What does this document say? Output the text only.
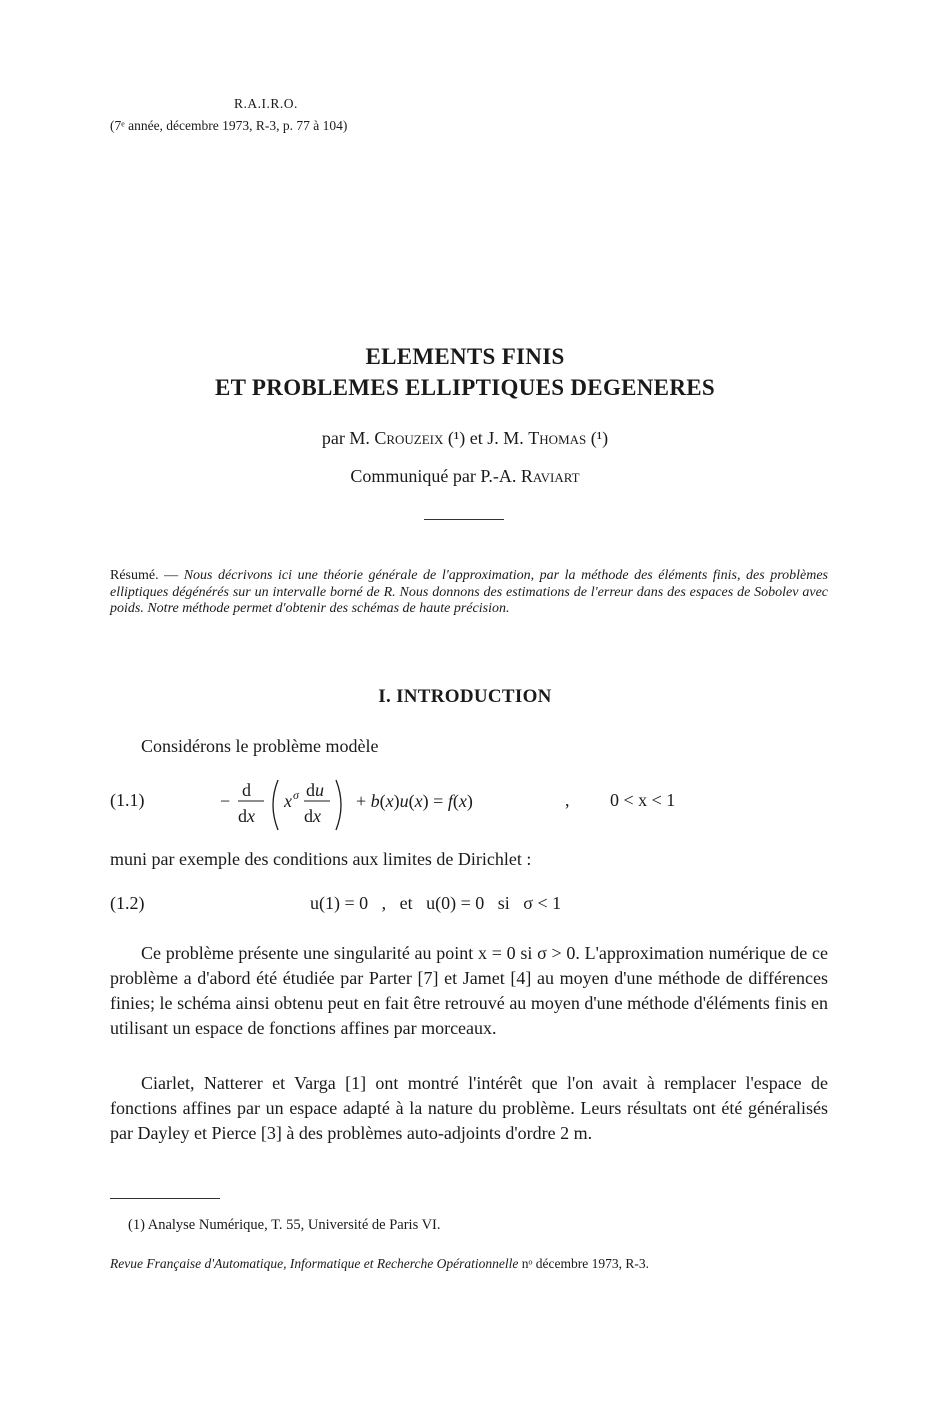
R.A.I.R.O.
(7ᵉ année, décembre 1973, R-3, p. 77 à 104)
ELEMENTS FINIS
ET PROBLEMES ELLIPTIQUES DEGENERES
par M. Crouzeix (¹) et J. M. Thomas (¹)
Communiqué par P.-A. Raviart
Résumé. — Nous décrivons ici une théorie générale de l'approximation, par la méthode des éléments finis, des problèmes elliptiques dégénérés sur un intervalle borné de R. Nous donnons des estimations de l'erreur dans des espaces de Sobolev avec poids. Notre méthode permet d'obtenir des schémas de haute précision.
I. INTRODUCTION
Considérons le problème modèle
(1.1)	−
d
dx
x σ du
dx
+ b(x)u(x) = f(x)	, 0 < x < 1
muni par exemple des conditions aux limites de Dirichlet :
(1.2)	u(1) = 0   ,   et   u(0) = 0   si   σ < 1
Ce problème présente une singularité au point x = 0 si σ > 0. L'approximation numérique de ce problème a d'abord été étudiée par Parter [7] et Jamet [4] au moyen d'une méthode de différences finies; le schéma ainsi obtenu peut en fait être retrouvé au moyen d'une méthode d'éléments finis en utilisant un espace de fonctions affines par morceaux.
Ciarlet, Natterer et Varga [1] ont montré l'intérêt que l'on avait à remplacer l'espace de fonctions affines par un espace adapté à la nature du problème. Leurs résultats ont été généralisés par Dayley et Pierce [3] à des problèmes auto-adjoints d'ordre 2 m.
(1) Analyse Numérique, T. 55, Université de Paris VI.
Revue Française d'Automatique, Informatique et Recherche Opérationnelle nᵒ décembre 1973, R-3.
